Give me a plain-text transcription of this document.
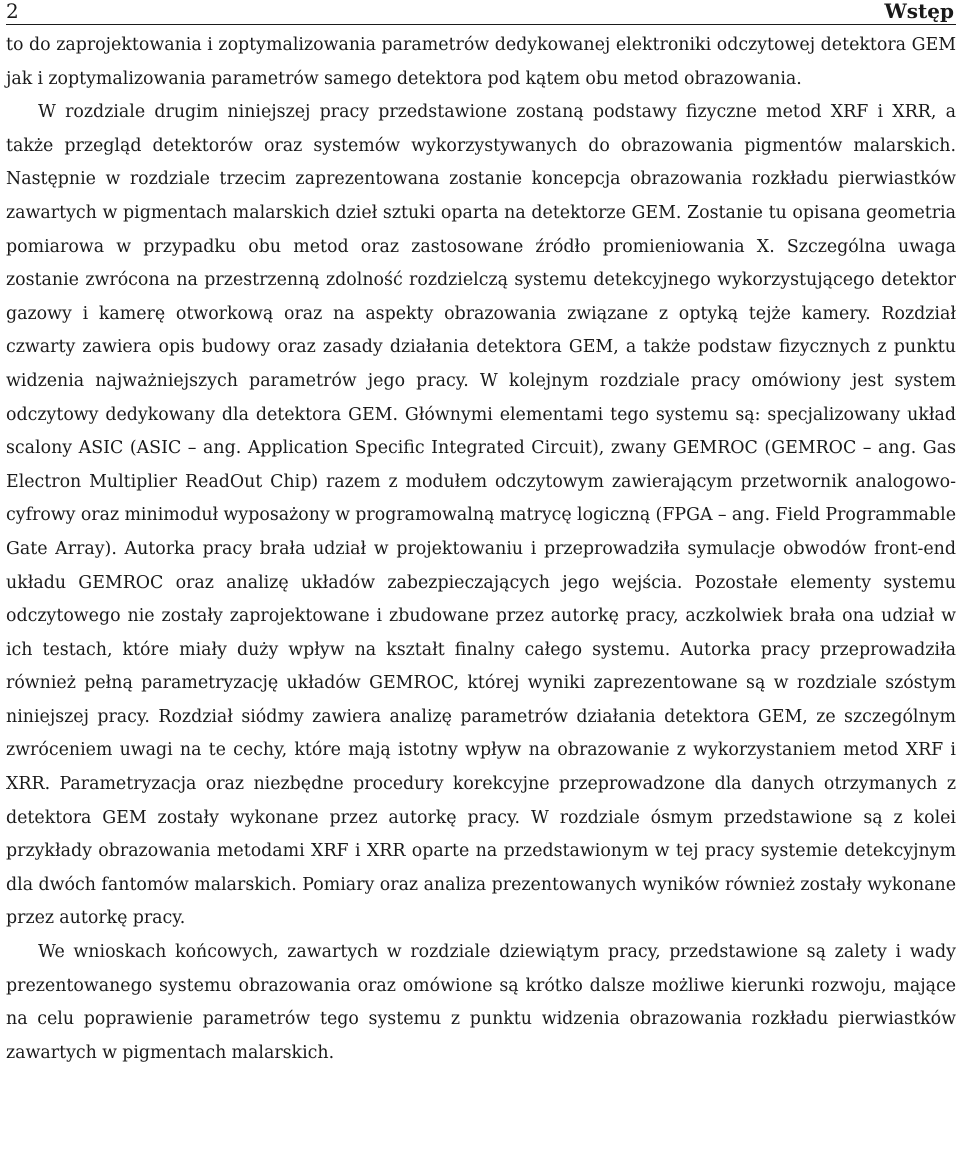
2	Wstęp

to do zaprojektowania i zoptymalizowania parametrów dedykowanej elektroniki odczytowej detektora GEM jak i zoptymalizowania parametrów samego detektora pod kątem obu metod obrazowania.

W rozdziale drugim niniejszej pracy przedstawione zostaną podstawy fizyczne metod XRF i XRR, a także przegląd detektorów oraz systemów wykorzystywanych do obrazowania pigmentów malarskich. Następnie w rozdziale trzecim zaprezentowana zostanie koncepcja obrazowania rozkładu pierwiastków zawartych w pigmentach malarskich dzieł sztuki oparta na detektorze GEM. Zostanie tu opisana geometria pomiarowa w przypadku obu metod oraz zastosowane źródło promieniowania X. Szczególna uwaga zostanie zwrócona na przestrzenną zdolność rozdzielczą systemu detekcyjnego wykorzystującego detektor gazowy i kamerę otworkową oraz na aspekty obrazowania związane z optyką tejże kamery. Rozdział czwarty zawiera opis budowy oraz zasady działania detektora GEM, a także podstaw fizycznych z punktu widzenia najważniejszych parametrów jego pracy. W kolejnym rozdziale pracy omówiony jest system odczytowy dedykowany dla detektora GEM. Głównymi elementami tego systemu są: specjalizowany układ scalony ASIC (ASIC – ang. Application Specific Integrated Circuit), zwany GEMROC (GEMROC – ang. Gas Electron Multiplier ReadOut Chip) razem z modułem odczytowym zawierającym przetwornik analogowo-cyfrowy oraz minimoduł wyposażony w programowalną matrycę logiczną (FPGA – ang. Field Programmable Gate Array). Autorka pracy brała udział w projektowaniu i przeprowadziła symulacje obwodów front-end układu GEMROC oraz analizę układów zabezpieczających jego wejścia. Pozostałe elementy systemu odczytowego nie zostały zaprojektowane i zbudowane przez autorkę pracy, aczkolwiek brała ona udział w ich testach, które miały duży wpływ na kształt finalny całego systemu. Autorka pracy przeprowadziła również pełną parametryzację układów GEMROC, której wyniki zaprezentowane są w rozdziale szóstym niniejszej pracy. Rozdział siódmy zawiera analizę parametrów działania detektora GEM, ze szczególnym zwróceniem uwagi na te cechy, które mają istotny wpływ na obrazowanie z wykorzystaniem metod XRF i XRR. Parametryzacja oraz niezbędne procedury korekcyjne przeprowadzone dla danych otrzymanych z detektora GEM zostały wykonane przez autorkę pracy. W rozdziale ósmym przedstawione są z kolei przykłady obrazowania metodami XRF i XRR oparte na przedstawionym w tej pracy systemie detekcyjnym dla dwóch fantomów malarskich. Pomiary oraz analiza prezentowanych wyników również zostały wykonane przez autorkę pracy.

We wnioskach końcowych, zawartych w rozdziale dziewiątym pracy, przedstawione są zalety i wady prezentowanego systemu obrazowania oraz omówione są krótko dalsze możliwe kierunki rozwoju, mające na celu poprawienie parametrów tego systemu z punktu widzenia obrazowania rozkładu pierwiastków zawartych w pigmentach malarskich.
